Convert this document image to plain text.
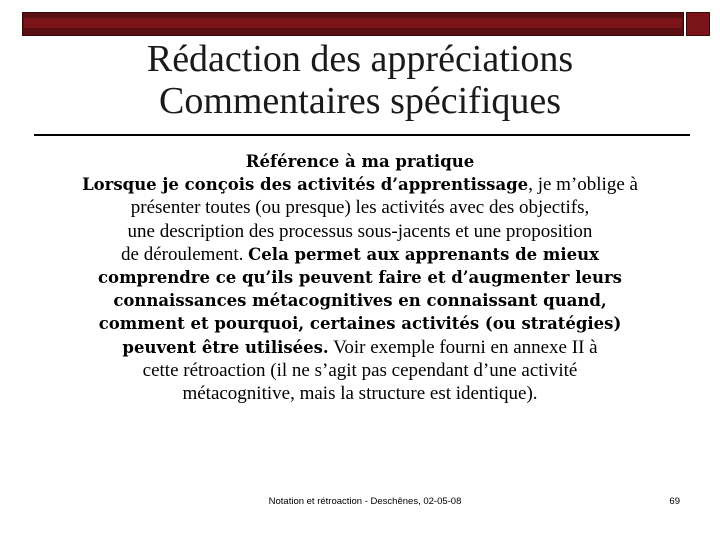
Rédaction des appréciations
Commentaires spécifiques
Référence à ma pratique
Lorsque je conçois des activités d’apprentissage, je m’oblige à
présenter toutes (ou presque) les activités avec des objectifs,
une description des processus sous-jacents et une proposition
de déroulement. Cela permet aux apprenants de mieux
comprendre ce qu’ils peuvent faire et d’augmenter leurs
connaissances métacognitives en connaissant quand,
comment et pourquoi, certaines activités (ou stratégies)
peuvent être utilisées. Voir exemple fourni en annexe II à
cette rétroaction (il ne s’agit pas cependant d’une activité
métacognitive, mais la structure est identique).
Notation et rétroaction - Deschênes, 02-05-08	69
